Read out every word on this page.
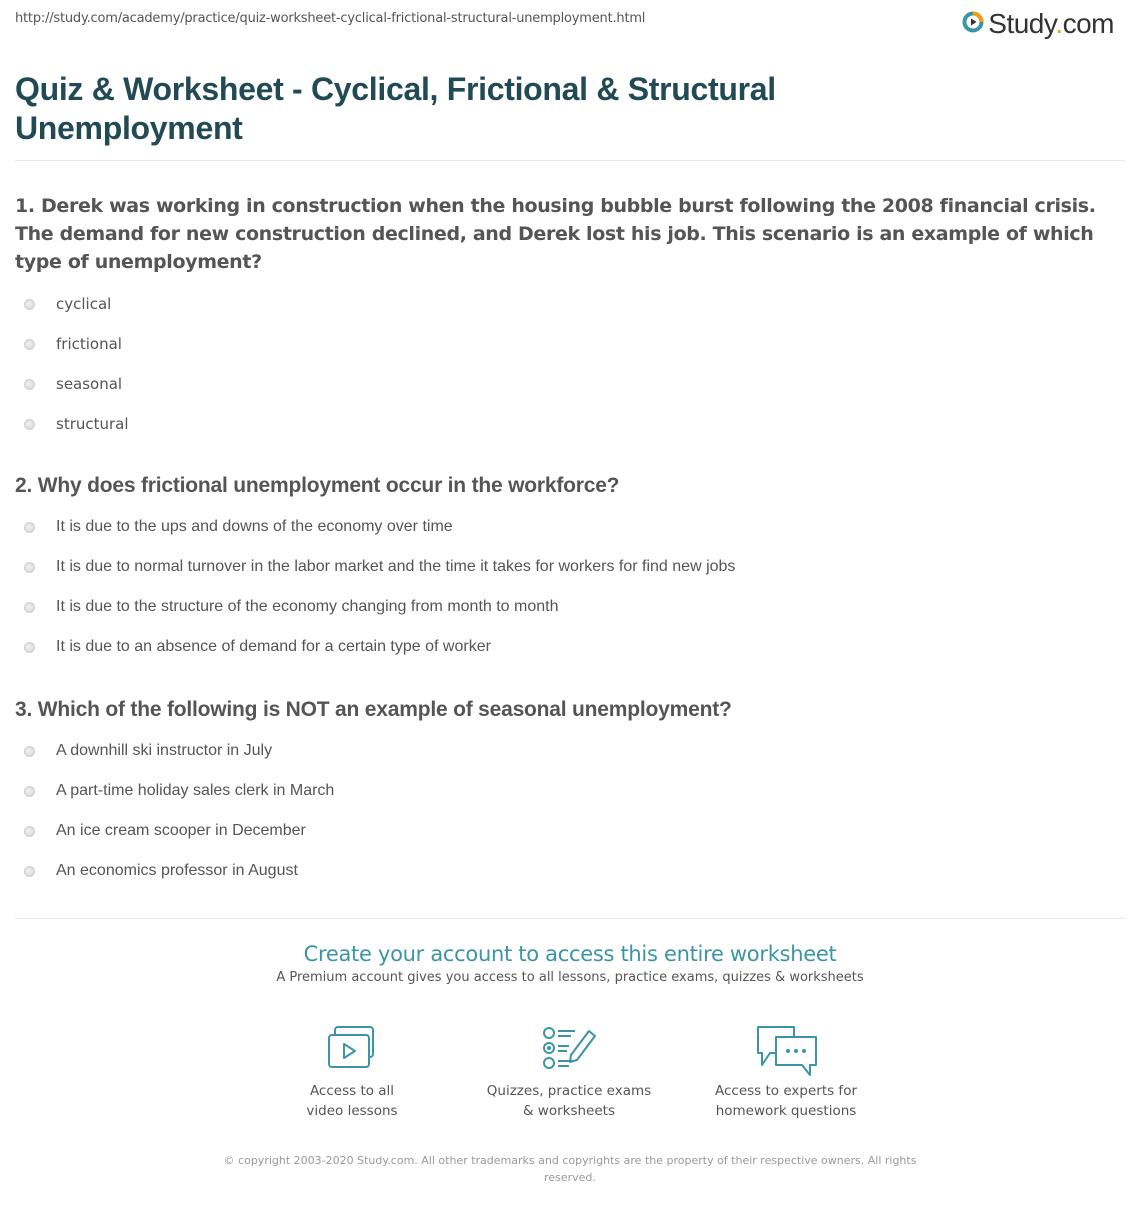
http://study.com/academy/practice/quiz-worksheet-cyclical-frictional-structural-unemployment.html	Study.com
Quiz & Worksheet - Cyclical, Frictional & Structural Unemployment
1. Derek was working in construction when the housing bubble burst following the 2008 financial crisis. The demand for new construction declined, and Derek lost his job. This scenario is an example of which type of unemployment?
cyclical
frictional
seasonal
structural
2. Why does frictional unemployment occur in the workforce?
It is due to the ups and downs of the economy over time
It is due to normal turnover in the labor market and the time it takes for workers for find new jobs
It is due to the structure of the economy changing from month to month
It is due to an absence of demand for a certain type of worker
3. Which of the following is NOT an example of seasonal unemployment?
A downhill ski instructor in July
A part-time holiday sales clerk in March
An ice cream scooper in December
An economics professor in August
Create your account to access this entire worksheet
A Premium account gives you access to all lessons, practice exams, quizzes & worksheets
Access to all
video lessons
Quizzes, practice exams
& worksheets
Access to experts for
homework questions
© copyright 2003-2020 Study.com. All other trademarks and copyrights are the property of their respective owners. All rights reserved.
